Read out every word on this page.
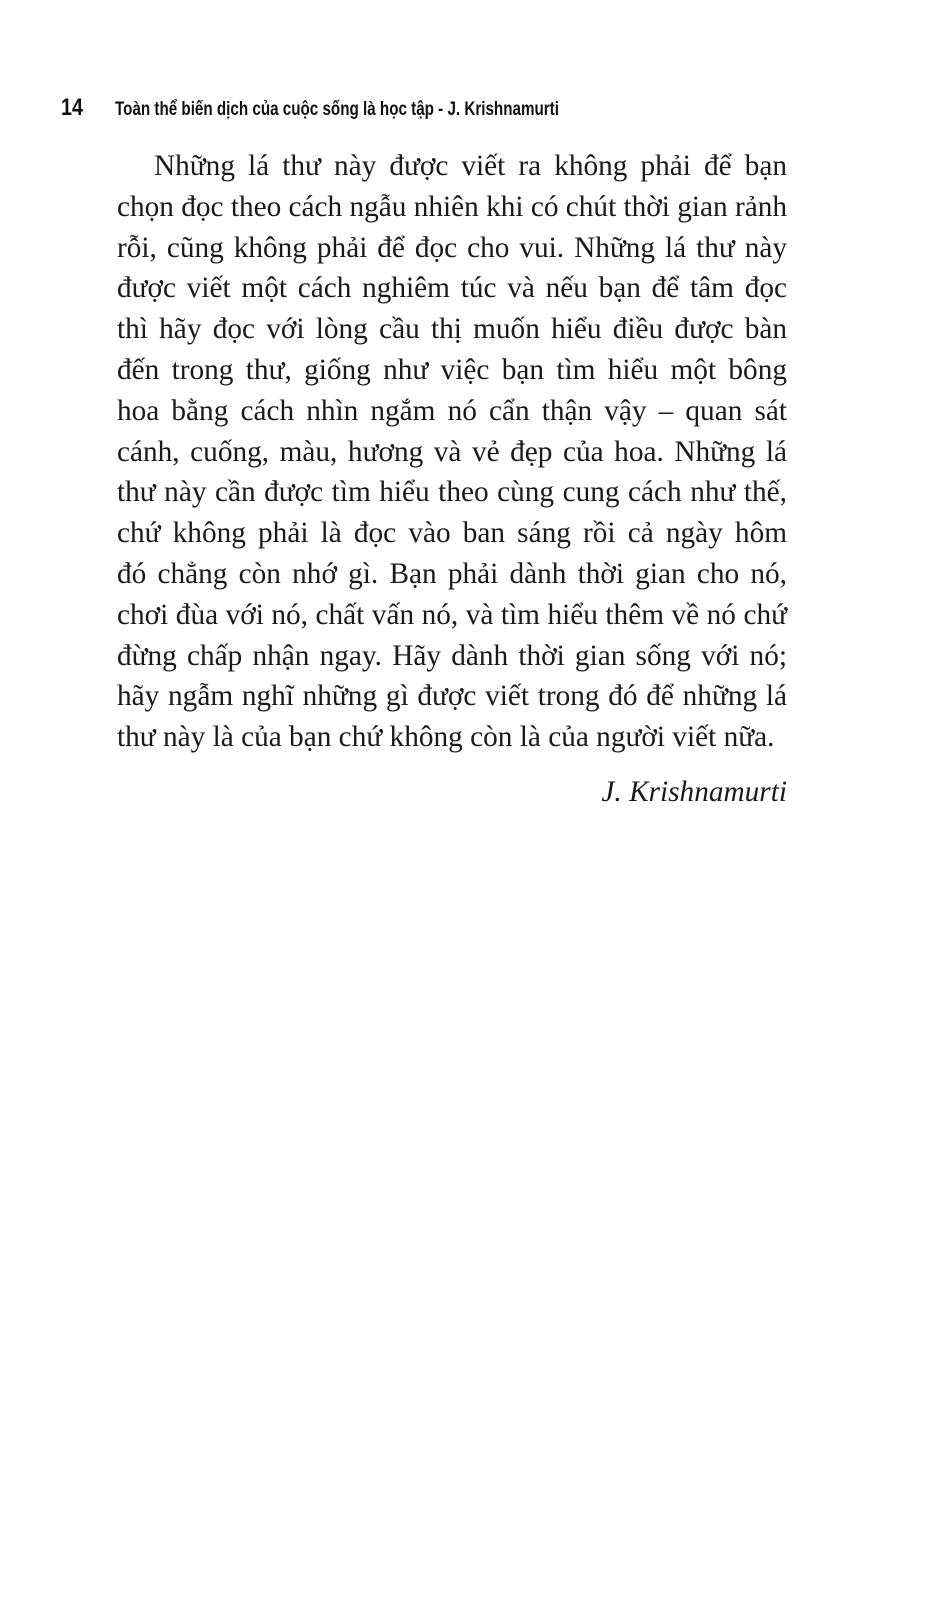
14 Toàn thể biến dịch của cuộc sống là học tập - J. Krishnamurti
Những lá thư này được viết ra không phải để bạn
chọn đọc theo cách ngẫu nhiên khi có chút thời gian rảnh
rỗi, cũng không phải để đọc cho vui. Những lá thư này
được viết một cách nghiêm túc và nếu bạn để tâm đọc
thì hãy đọc với lòng cầu thị muốn hiểu điều được bàn
đến trong thư, giống như việc bạn tìm hiểu một bông
hoa bằng cách nhìn ngắm nó cẩn thận vậy – quan sát
cánh, cuống, màu, hương và vẻ đẹp của hoa. Những lá
thư này cần được tìm hiểu theo cùng cung cách như thế,
chứ không phải là đọc vào ban sáng rồi cả ngày hôm
đó chẳng còn nhớ gì. Bạn phải dành thời gian cho nó,
chơi đùa với nó, chất vấn nó, và tìm hiểu thêm về nó chứ
đừng chấp nhận ngay. Hãy dành thời gian sống với nó;
hãy ngẫm nghĩ những gì được viết trong đó để những lá
thư này là của bạn chứ không còn là của người viết nữa.
J. Krishnamurti
